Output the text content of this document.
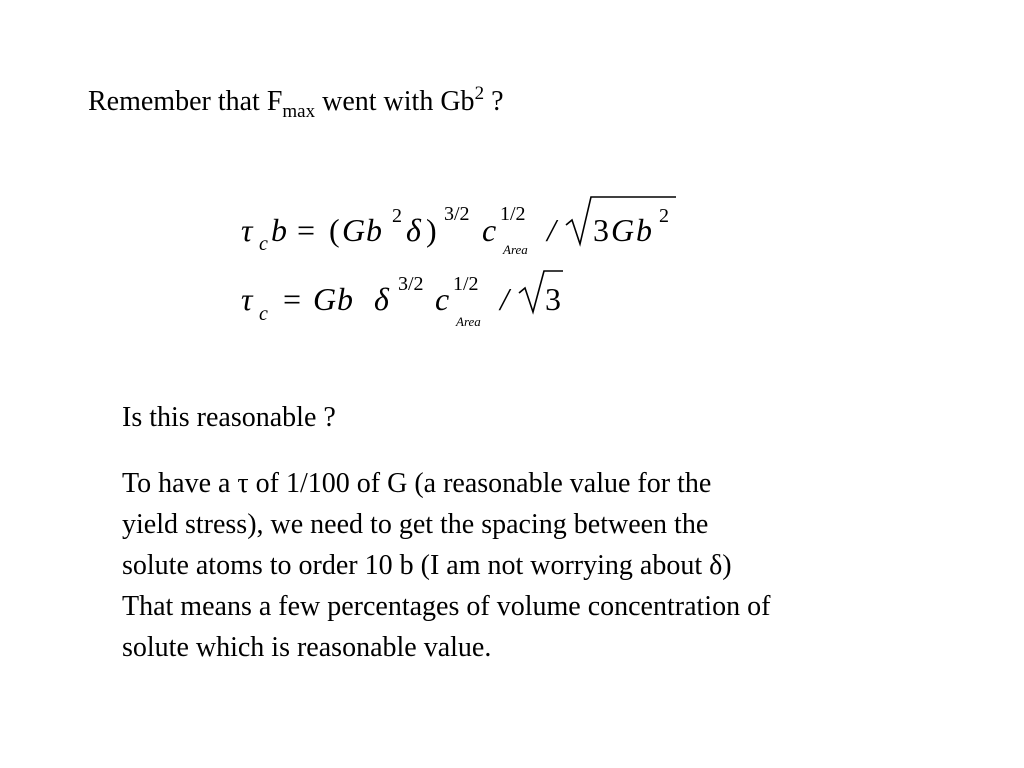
Remember that $F_{max}$ went with Gb$^2$ ?
τ c b = ( G b 2 δ ) 3/2 c 1/2
Area
/ 3 G b 2
τ c = G b δ 3/2 c 1/2
Area
/ 3
Is this reasonable ?
To have a τ of 1/100 of G (a reasonable value for the
yield stress), we need to get the spacing between the
solute atoms to order 10 b (I am not worrying about δ)
That means a few percentages of volume concentration of
solute which is reasonable value.
